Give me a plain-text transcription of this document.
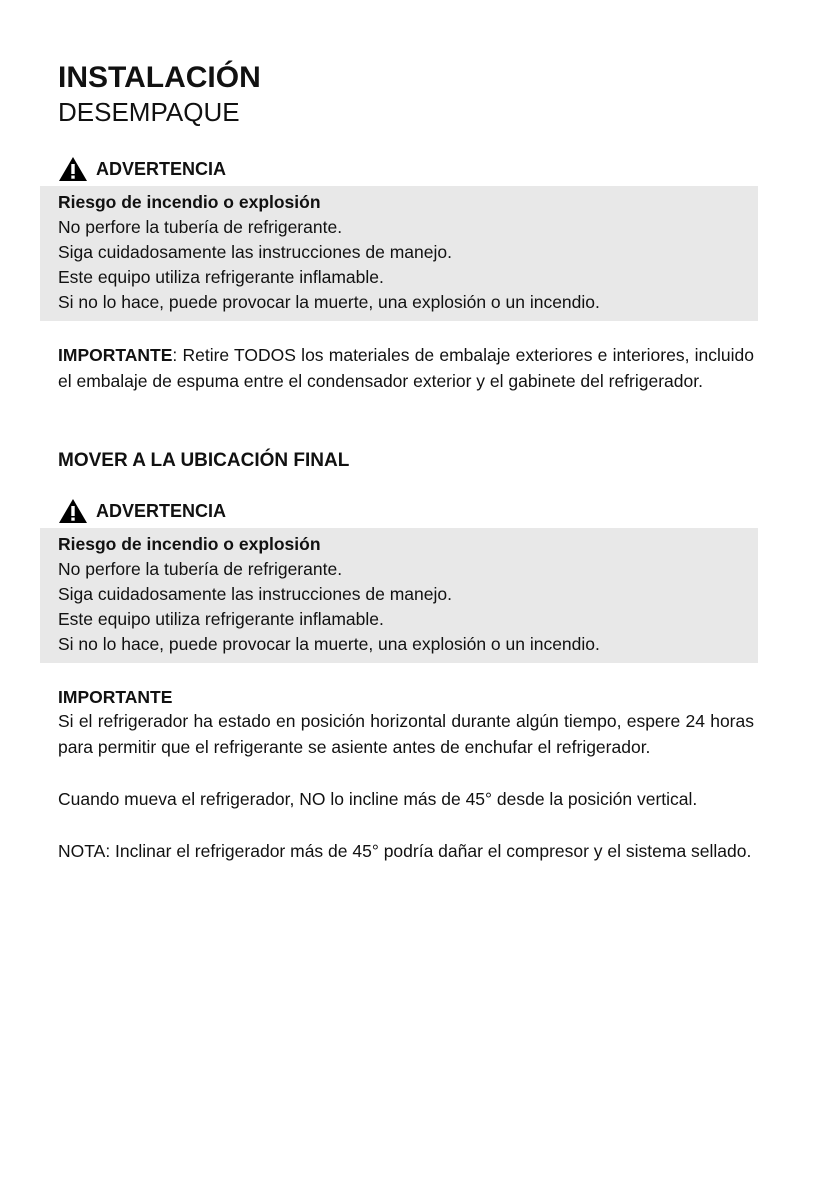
INSTALACIÓN
DESEMPAQUE
ADVERTENCIA
Riesgo de incendio o explosión
No perfore la tubería de refrigerante.
Siga cuidadosamente las instrucciones de manejo.
Este equipo utiliza refrigerante inflamable.
Si no lo hace, puede provocar la muerte, una explosión o un incendio.

IMPORTANTE: Retire TODOS los materiales de embalaje exteriores e interiores, incluido el embalaje de espuma entre el condensador exterior y el gabinete del refrigerador.

MOVER A LA UBICACIÓN FINAL
ADVERTENCIA
Riesgo de incendio o explosión
No perfore la tubería de refrigerante.
Siga cuidadosamente las instrucciones de manejo.
Este equipo utiliza refrigerante inflamable.
Si no lo hace, puede provocar la muerte, una explosión o un incendio.
IMPORTANTE

Si el refrigerador ha estado en posición horizontal durante algún tiempo, espere 24 horas para permitir que el refrigerante se asiente antes de enchufar el refrigerador.

Cuando mueva el refrigerador, NO lo incline más de 45° desde la posición vertical.

NOTA: Inclinar el refrigerador más de 45° podría dañar el compresor y el sistema sellado.
